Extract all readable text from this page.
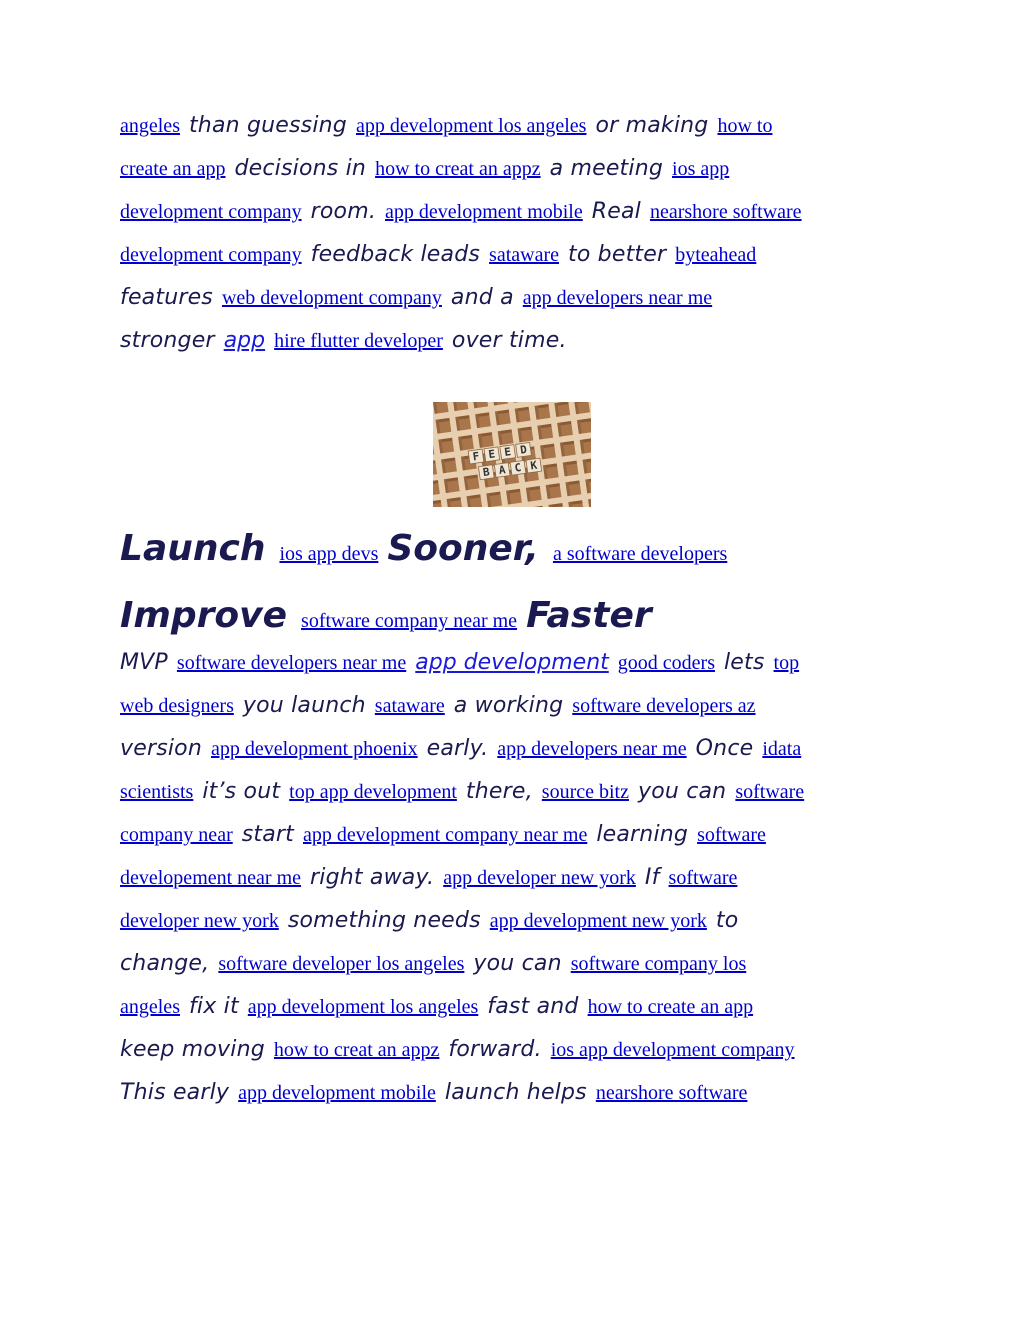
angeles than guessing app development los angeles or making how to
create an app decisions in how to creat an appz a meeting ios app
development company room. app development mobile Real nearshore software
development company feedback leads sataware to better byteahead
features web development company and a app developers near me
stronger app hire flutter developer over time.
Launch ios app devs Sooner, a software developers
Improve software company near me Faster
MVP software developers near me app development good coders lets top
web designers you launch sataware a working software developers az
version app development phoenix early. app developers near me Once idata
scientists it’s out top app development there, source bitz you can software
company near start app development company near me learning software
developement near me right away. app developer new york If software
developer new york something needs app development new york to
change, software developer los angeles you can software company los
angeles fix it app development los angeles fast and how to create an app
keep moving how to creat an appz forward. ios app development company
This early app development mobile launch helps nearshore software
F E E D
B A C K
